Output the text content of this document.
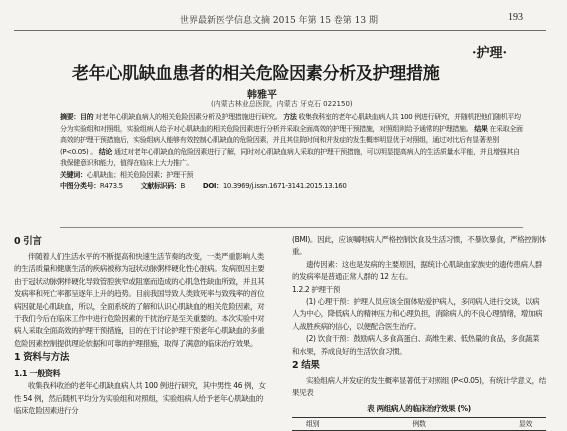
世界最新医学信息文摘 2015 年第 15 卷第 13 期	193
·护理·
老年心肌缺血患者的相关危险因素分析及护理措施
韩雅平
(内蒙古林业总医院，内蒙古 牙克石 022150)

摘要：目的 对老年心肌缺血病人的相关危险因素分析及护理措施进行研究。 方法 收集我科室的老年心肌缺血病人共 100 例进行研究，并随机把他们随机平均分为实验组和对照组，实验组病人给予对心肌缺血的相关危险因素进行分析并采取全面高效的护理干预措施，对照组则给予通常的护理措施。 结果 在采取全面高效的护理干预措施后，实验组病人能够有效控制心肌缺血的危险因素，并且其住院时间和并发症的发生概率明显优于对照组，通过对比后有显著差别 (P<0.05) 。 结论 通过对老年心肌缺血的危险因素进行了解，同时对心肌缺血病人采取的护理干预措施，可以明显提高病人的生活质量水平能，并且增强其自我保健意识和能力，值得在临床上大力推广。

关键词：心肌缺血；相关危险因素；护理干预

中图分类号：R473.5	文献标识码：B	DOI：10.3969/j.issn.1671-3141.2015.13.160

0 引言

伴随着人们生活水平的不断提高和快速生活节奏的改变，一类严重影响人类的生活质量和健康生活的疾病被称为冠状动脉粥样硬化性心脏病。发病原因主要由于冠状动脉粥样硬化导致管腔狭窄或阻塞而造成的心肌急性缺血所致，并且其发病率和死亡率都呈逐年上升的趋势。目前我国导致人类致死率与致残率的首位病因就是心肌缺血，所以，全面系统的了解和认识心肌缺血的相关危险因素，对于我们今后在临床工作中进行危险因素的干扰治疗是至关重要的。本次实验中对病人采取全面高效的护理干预措施，目的在于讨论护理干预老年心肌缺血的多重危险因素控制提供理论依据和可靠的护理措施，取得了满意的临床治疗效果。

1 资料与方法
1.1 一般资料

收集我科收治的老年心肌缺血病人共 100 例进行研究，其中男性 46 例，女性 54 例，然后随机平均分为实验组和对照组，实验组病人给予老年心肌缺血的临床危险因素进行分

(BMI)。因此，应该嘱咐病人严格控制饮食及生活习惯，不暴饮暴食，严格控制体重。

遗传因素：这也是发病的主要原因，据统计心肌缺血家族史的遗传患病人群的发病率是普通正常人群的 12 左右。

1.2.2 护理干预

(1) 心理干预：护理人员应该全面体贴爱护病人，多同病人进行交谈，以病人为中心，降低病人的精神压力和心理负担，消除病人的不良心理情绪，增加病人战胜疾病的信心，以便配合医生治疗。

(2) 饮食干预：鼓励病人多食高蛋白、高维生素、低热量的食品，多食蔬菜和水果，养成良好的生活饮食习惯。

2 结果

实验组病人并发症的发生概率显著低于对照组 (P<0.05)，有统计学意义，结果见表

表 两组病人的临床治疗效果 (%)
组别	例数	显效
